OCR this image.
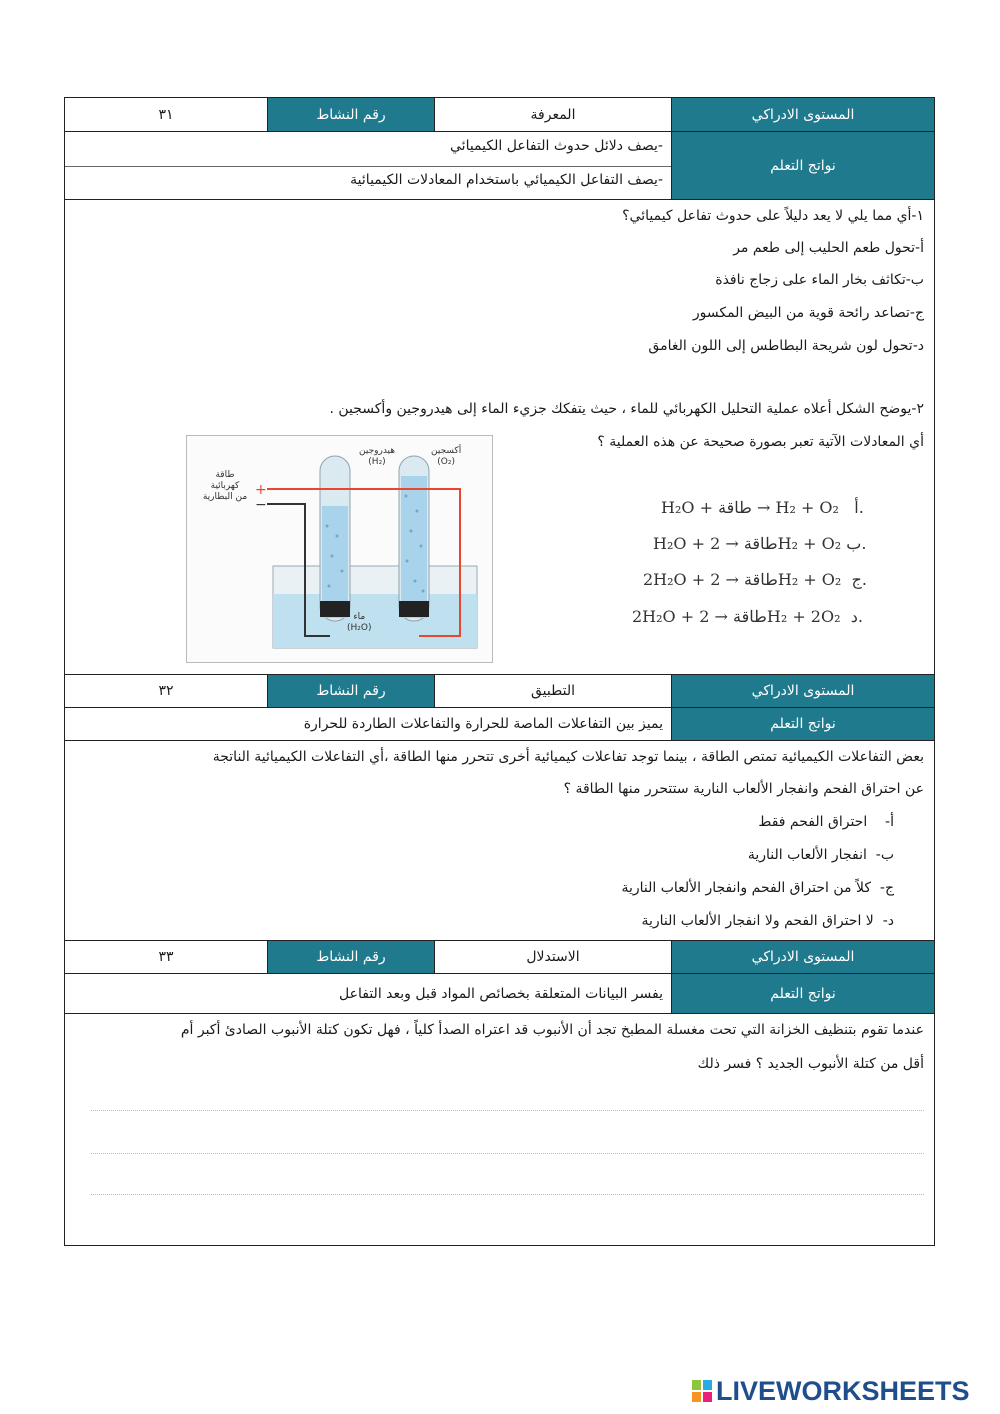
المستوى الادراكي
المعرفة
رقم النشاط
٣١
نواتج التعلم
-يصف دلائل حدوث التفاعل الكيميائي
-يصف التفاعل الكيميائي باستخدام المعادلات الكيميائية
١-أي مما يلي لا يعد دليلاً على حدوث تفاعل كيميائي؟
أ-تحول طعم الحليب إلى طعم مر
ب-تكاثف بخار الماء على زجاج نافذة
ج-تصاعد رائحة قوية من البيض المكسور
د-تحول لون شريحة البطاطس إلى اللون الغامق
٢-يوضح الشكل أعلاه عملية التحليل الكهربائي للماء ، حيث يتفكك جزيء الماء إلى هيدروجين وأكسجين .
أي المعادلات الآتية تعبر بصورة صحيحة عن هذه العملية ؟
+
−
هيدروجين
(H₂)
أكسجين
(O₂)
طاقة
كهربائية
من البطارية
ماء
(H₂O)
H₂O + طاقة → H₂ + O₂ أ.
H₂O + طاقة → 2H₂ + O₂ ب.
2H₂O + طاقة → 2H₂ + O₂ ج.
2H₂O + طاقة → 2H₂ + 2O₂ د.
المستوى الادراكي
التطبيق
رقم النشاط
٣٢
نواتج التعلم
يميز بين التفاعلات الماصة للحرارة والتفاعلات الطاردة للحرارة
بعض التفاعلات الكيميائية تمتص الطاقة ، بينما توجد تفاعلات كيميائية أخرى تتحرر منها الطاقة ،أي التفاعلات الكيميائية الناتجة
عن احتراق الفحم وانفجار الألعاب النارية ستتحرر منها الطاقة ؟
أ-    احتراق الفحم فقط
ب-  انفجار الألعاب النارية
ج-  كلاً من احتراق الفحم وانفجار الألعاب النارية
د-  لا احتراق الفحم ولا انفجار الألعاب النارية
المستوى الادراكي
الاستدلال
رقم النشاط
٣٣
نواتج التعلم
يفسر البيانات المتعلقة بخصائص المواد قبل وبعد التفاعل
عندما تقوم بتنظيف الخزانة التي تحت مغسلة المطبخ تجد أن الأنبوب قد اعتراه الصدأ كلياً ، فهل تكون كتلة الأنبوب الصادئ أكبر أم
أقل من كتلة الأنبوب الجديد ؟ فسر ذلك
LIVEWORKSHEETS
